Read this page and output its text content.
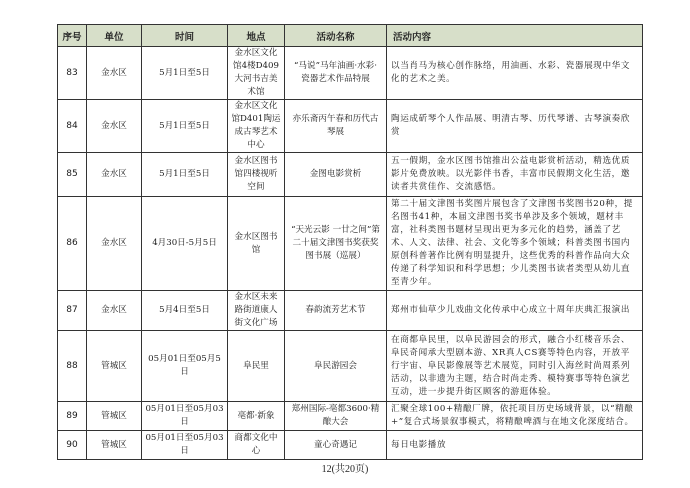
序号	单位	时间	地点	活动名称	活动内容
83	金水区	5月1日至5日	金水区文化馆4楼D409大河书吉美术馆	“马说”马年油画·水彩·瓷器艺术作品特展	以当肖马为核心创作脉络，用油画、水彩、瓷器展现中华文化的艺术之美。
84	金水区	5月1日至5日	金水区文化馆D401陶运成古琴艺术中心	亦乐斋丙午春和历代古琴展	陶运成斫琴个人作品展、明清古琴、历代琴谱、古琴演奏欣赏
85	金水区	5月1日至5日	金水区图书馆四楼视听空间	金图电影赏析	五一假期，金水区图书馆推出公益电影赏析活动，精选优质影片免费放映。以光影伴书香，丰富市民假期文化生活，邀读者共赏佳作、交流感悟。
86	金水区	4月30日-5月5日	金水区图书馆	“天光云影 一廿之间”第二十届文津图书奖获奖图书展（巡展）	第二十届文津图书奖图片展包含了文津图书奖图书20种，提名图书41种，本届文津图书奖书单涉及多个领域，题材丰富，社科类图书题材呈现出更为多元化的趋势，涵盖了艺术、人文、法律、社会、文化等多个领域；科普类图书国内原创科普著作比例有明显提升，这些优秀的科普作品向大众传递了科学知识和科学思想；少儿类图书读者类型从幼儿直至青少年。
87	金水区	5月4日至5日	金水区未来路街道康人街文化广场	春韵流芳艺术节	郑州市仙草少儿戏曲文化传承中心成立十周年庆典汇报演出
88	管城区	05月01日至05月5日	阜民里	阜民游园会	在商都阜民里，以阜民游园会的形式，融合小红楼音乐会、阜民奇闻承大型剧本游、XR真人CS赛等特色内容，开放平行宇宙、阜民影像展等艺术展览，同时引入海丝时尚周系列活动，以非遗为主题，结合时尚走秀、模特赛事等特色演艺互动，进一步提升街区顾客的游逛体验。
89	管城区	05月01日至05月03日	亳都·新象	郑州国际-亳都3600·精酿大会	汇聚全球100+精酿厂牌，依托项目历史场域背景，以“精酿+”复合式场景叙事模式，将精酿啤酒与在地文化深度结合。
90	管城区	05月01日至05月03日	商都文化中心	童心奇遇记	每日电影播放
12(共20页)
